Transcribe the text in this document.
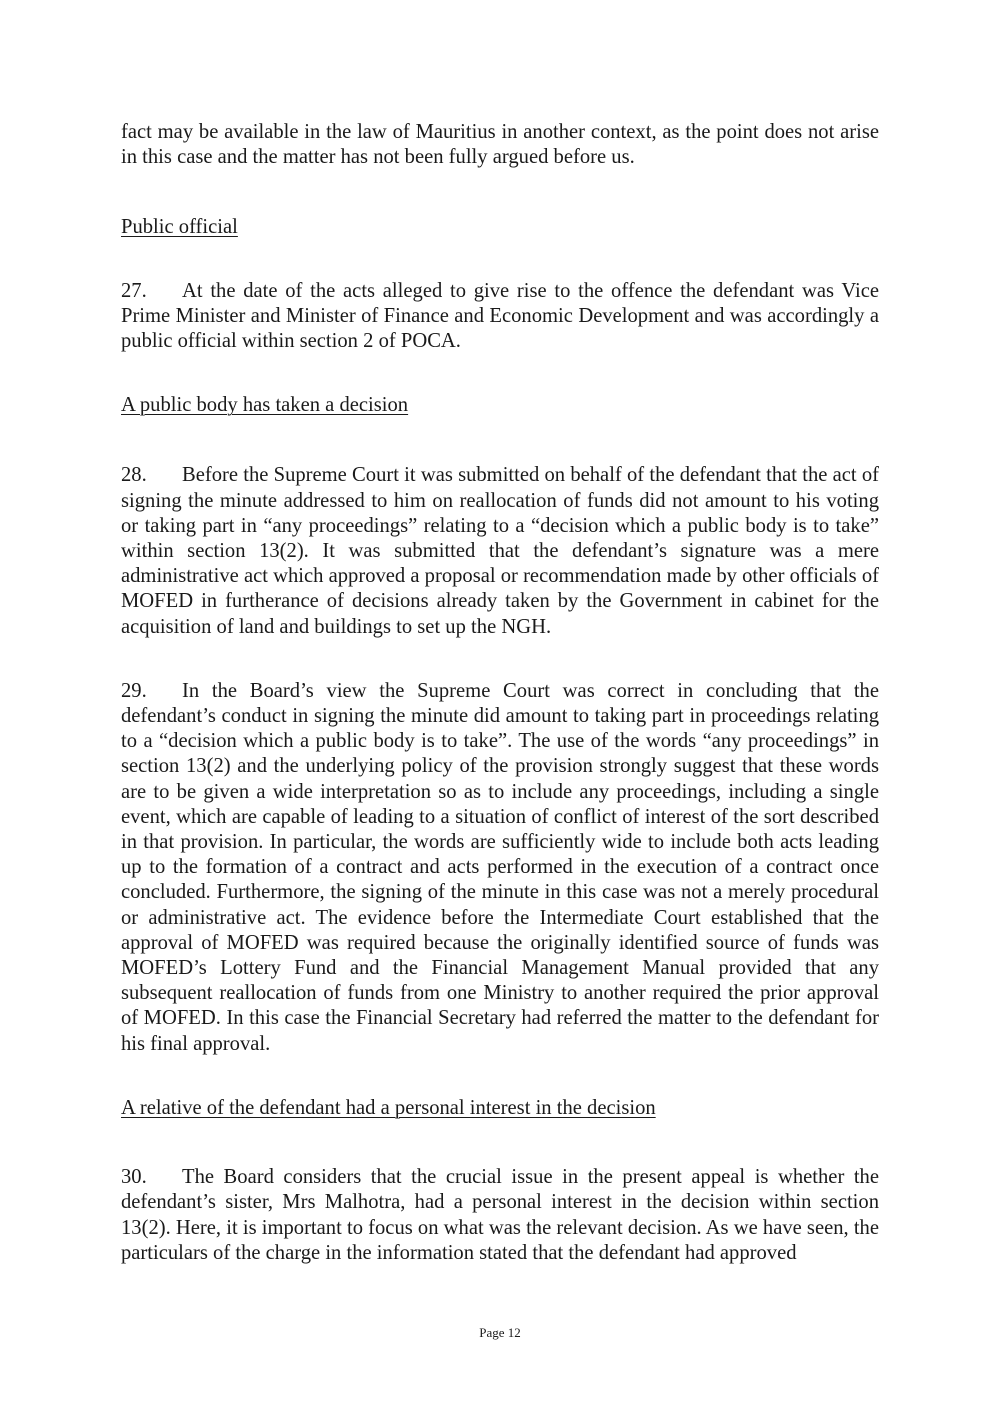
fact may be available in the law of Mauritius in another context, as the point does not arise in this case and the matter has not been fully argued before us.

Public official

27. At the date of the acts alleged to give rise to the offence the defendant was Vice Prime Minister and Minister of Finance and Economic Development and was accordingly a public official within section 2 of POCA.

A public body has taken a decision

28. Before the Supreme Court it was submitted on behalf of the defendant that the act of signing the minute addressed to him on reallocation of funds did not amount to his voting or taking part in “any proceedings” relating to a “decision which a public body is to take” within section 13(2). It was submitted that the defendant’s signature was a mere administrative act which approved a proposal or recommendation made by other officials of MOFED in furtherance of decisions already taken by the Government in cabinet for the acquisition of land and buildings to set up the NGH.

29. In the Board’s view the Supreme Court was correct in concluding that the defendant’s conduct in signing the minute did amount to taking part in proceedings relating to a “decision which a public body is to take”. The use of the words “any proceedings” in section 13(2) and the underlying policy of the provision strongly suggest that these words are to be given a wide interpretation so as to include any proceedings, including a single event, which are capable of leading to a situation of conflict of interest of the sort described in that provision. In particular, the words are sufficiently wide to include both acts leading up to the formation of a contract and acts performed in the execution of a contract once concluded. Furthermore, the signing of the minute in this case was not a merely procedural or administrative act. The evidence before the Intermediate Court established that the approval of MOFED was required because the originally identified source of funds was MOFED’s Lottery Fund and the Financial Management Manual provided that any subsequent reallocation of funds from one Ministry to another required the prior approval of MOFED. In this case the Financial Secretary had referred the matter to the defendant for his final approval.

A relative of the defendant had a personal interest in the decision

30. The Board considers that the crucial issue in the present appeal is whether the defendant’s sister, Mrs Malhotra, had a personal interest in the decision within section 13(2). Here, it is important to focus on what was the relevant decision. As we have seen, the particulars of the charge in the information stated that the defendant had approved

Page 12
